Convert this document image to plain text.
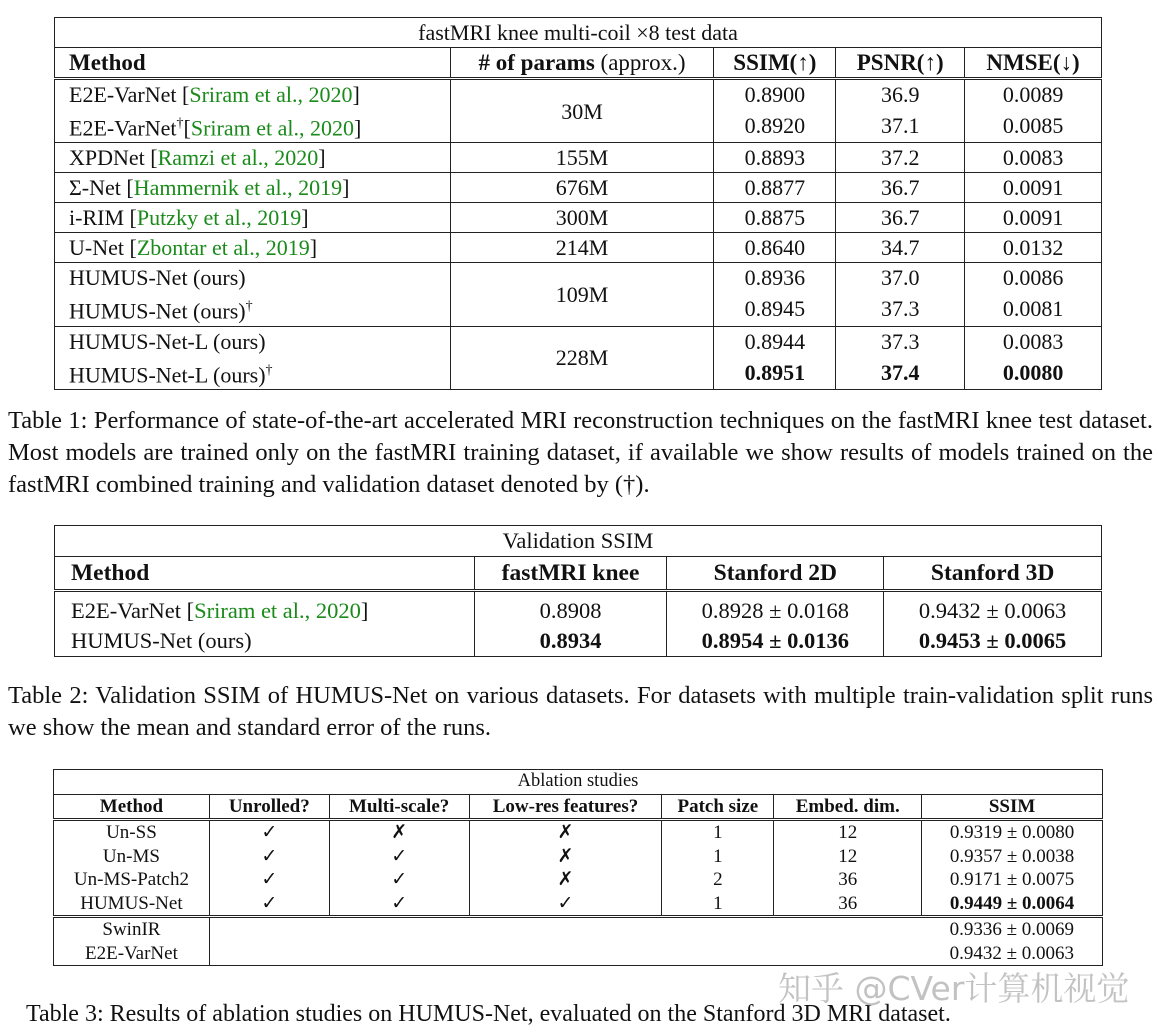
fastMRI knee multi-coil ×8 test data				
Method	# of params (approx.)	SSIM(↑)	PSNR(↑)	NMSE(↓)
E2E-VarNet [Sriram et al., 2020]	30M	0.8900	36.9	0.0089
E2E-VarNet†[Sriram et al., 2020]		0.8920	37.1	0.0085
XPDNet [Ramzi et al., 2020]	155M	0.8893	37.2	0.0083
Σ-Net [Hammernik et al., 2019]	676M	0.8877	36.7	0.0091
i-RIM [Putzky et al., 2019]	300M	0.8875	36.7	0.0091
U-Net [Zbontar et al., 2019]	214M	0.8640	34.7	0.0132
HUMUS-Net (ours)	109M	0.8936	37.0	0.0086
HUMUS-Net (ours)†		0.8945	37.3	0.0081
HUMUS-Net-L (ours)	228M	0.8944	37.3	0.0083
HUMUS-Net-L (ours)†		0.8951	37.4	0.0080
Table 1: Performance of state-of-the-art accelerated MRI reconstruction techniques on the fastMRI knee test dataset. Most models are trained only on the fastMRI training dataset, if available we show results of models trained on the fastMRI combined training and validation dataset denoted by (†).
Validation SSIM			
Method	fastMRI knee	Stanford 2D	Stanford 3D
E2E-VarNet [Sriram et al., 2020]	0.8908	0.8928 ± 0.0168	0.9432 ± 0.0063
HUMUS-Net (ours)	0.8934	0.8954 ± 0.0136	0.9453 ± 0.0065
Table 2: Validation SSIM of HUMUS-Net on various datasets. For datasets with multiple train-validation split runs we show the mean and standard error of the runs.
Ablation studies						
Method	Unrolled?	Multi-scale?	Low-res features?	Patch size	Embed. dim.	SSIM
Un-SS	✓	✗	✗	1	12	0.9319 ± 0.0080
Un-MS	✓	✓	✗	1	12	0.9357 ± 0.0038
Un-MS-Patch2	✓	✓	✗	2	36	0.9171 ± 0.0075
HUMUS-Net	✓	✓	✓	1	36	0.9449 ± 0.0064
SwinIR						0.9336 ± 0.0069
E2E-VarNet						0.9432 ± 0.0063
Table 3: Results of ablation studies on HUMUS-Net, evaluated on the Stanford 3D MRI dataset.
知乎 @CVer计算机视觉
